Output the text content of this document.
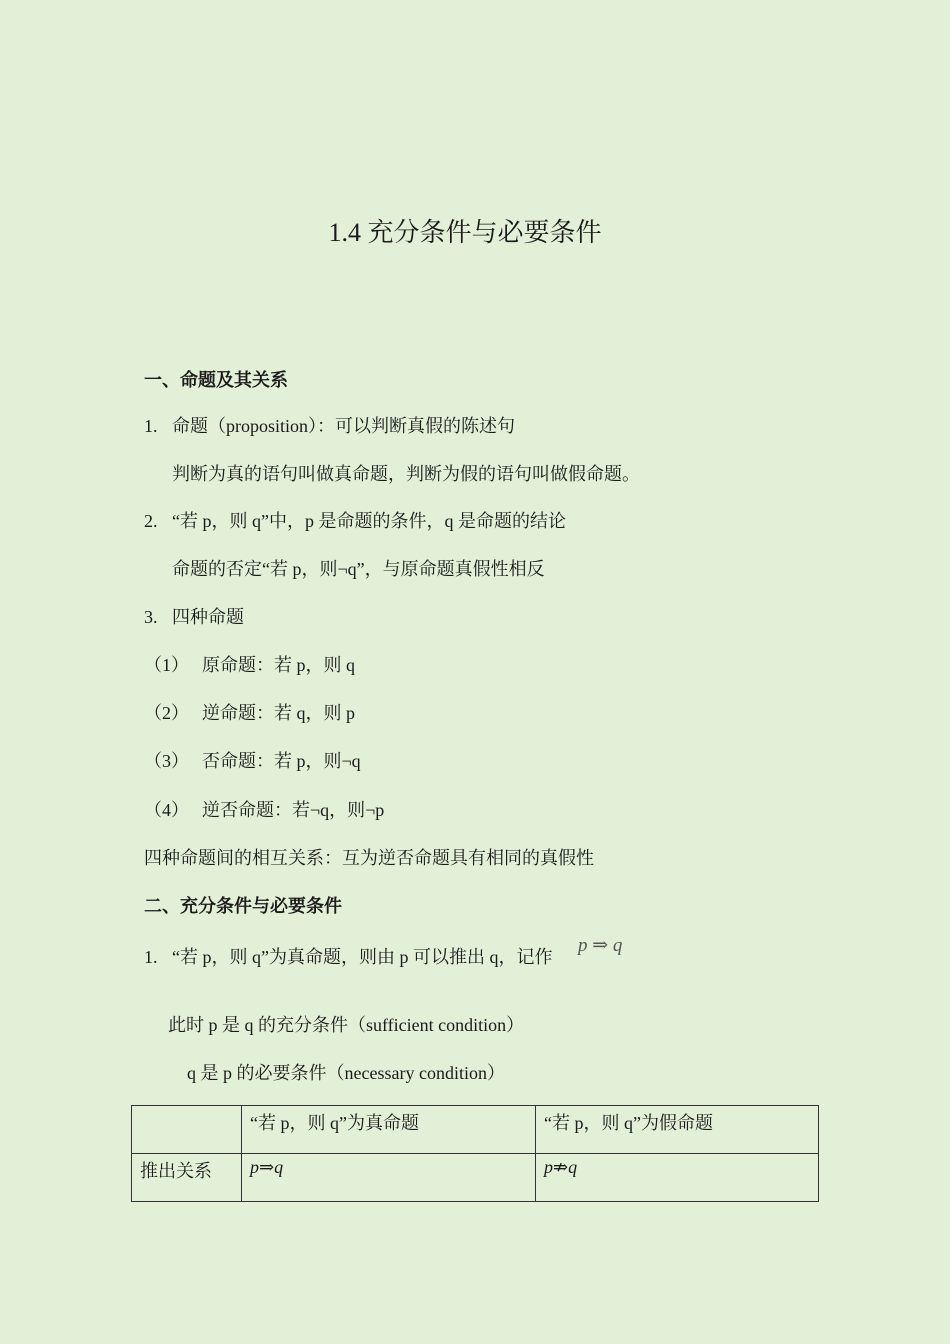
1.4 充分条件与必要条件
一、命题及其关系
1. 命题（proposition）：可以判断真假的陈述句
判断为真的语句叫做真命题，判断为假的语句叫做假命题。
2. “若 p，则 q”中，p 是命题的条件，q 是命题的结论
命题的否定“若 p，则¬q”，与原命题真假性相反
3. 四种命题
（1） 原命题：若 p，则 q
（2） 逆命题：若 q，则 p
（3） 否命题：若 p，则¬q
（4） 逆否命题：若¬q，则¬p
四种命题间的相互关系：互为逆否命题具有相同的真假性
二、充分条件与必要条件
1. “若 p，则 q”为真命题，则由 p 可以推出 q，记作
p ⇒ q
此时 p 是 q 的充分条件（sufficient condition）
q 是 p 的必要条件（necessary condition）
	“若 p，则 q”为真命题	“若 p，则 q”为假命题
推出关系	p⇒q	p⇏q
